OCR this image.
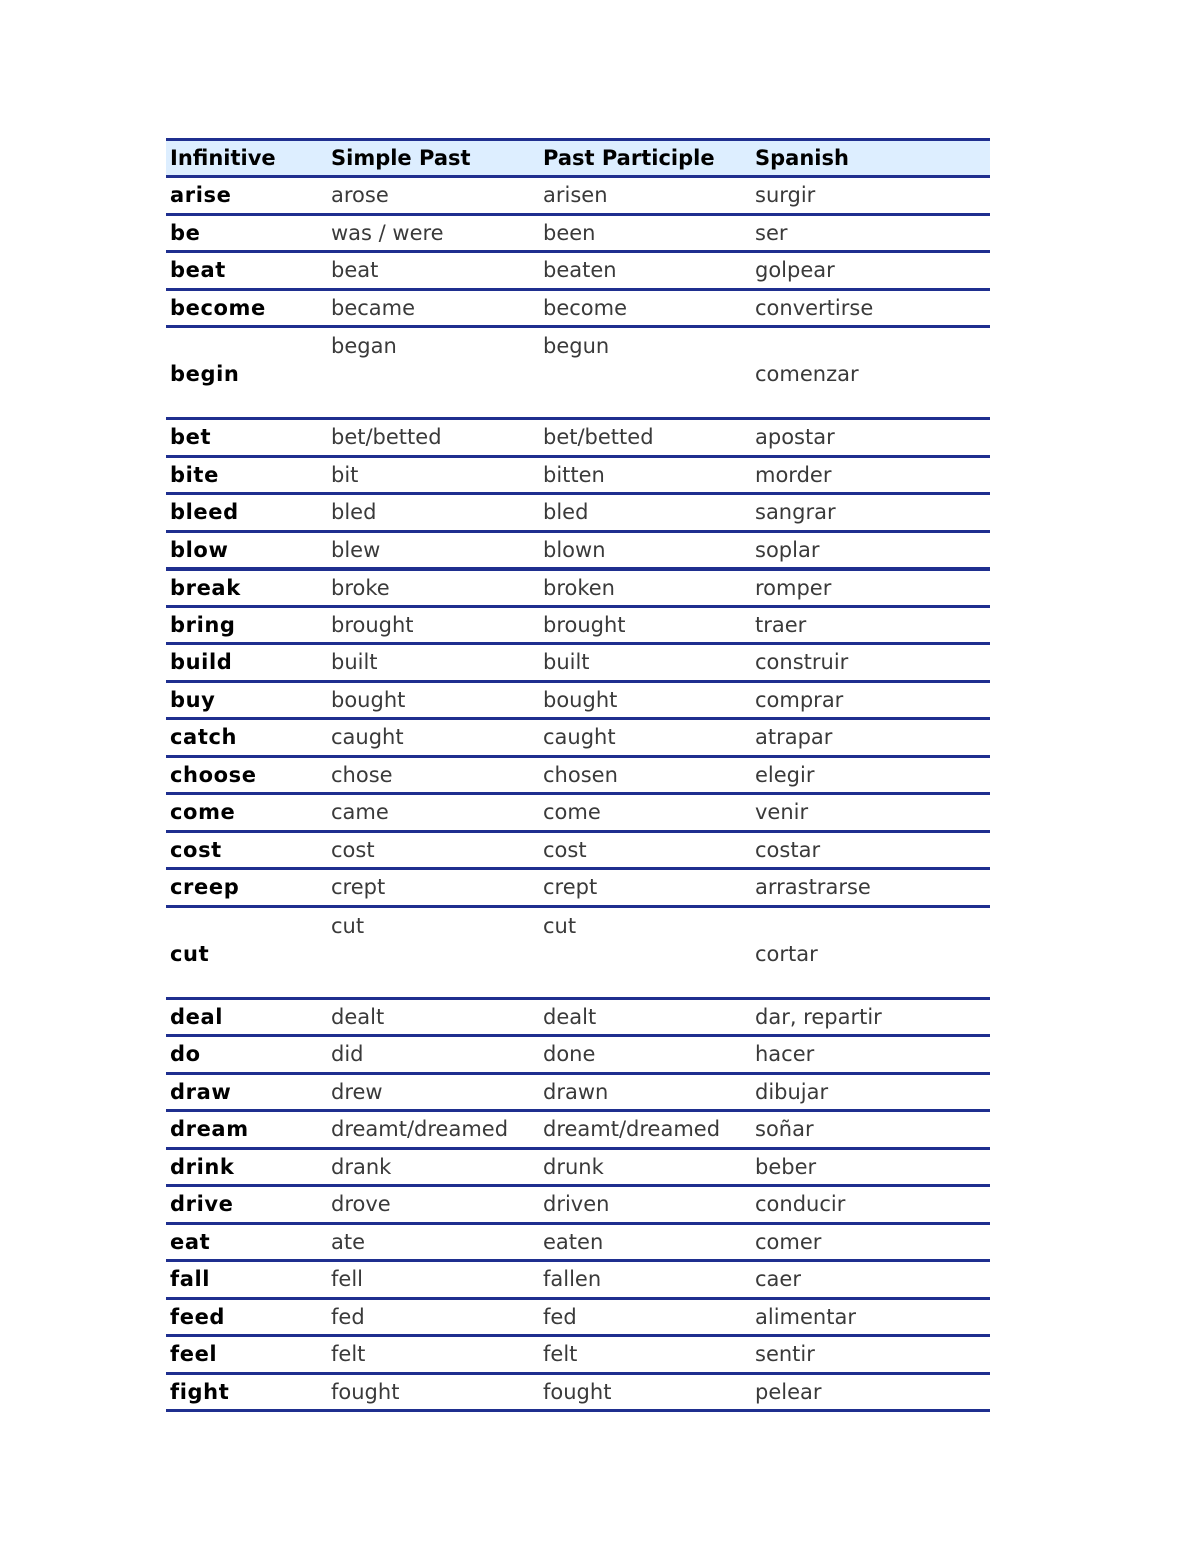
Infinitive	Simple Past	Past Participle	Spanish
arise	arose	arisen	surgir
be	was / were	been	ser
beat	beat	beaten	golpear
become	became	become	convertirse
begin	began	begun	comenzar
bet	bet/betted	bet/betted	apostar
bite	bit	bitten	morder
bleed	bled	bled	sangrar
blow	blew	blown	soplar
break	broke	broken	romper
bring	brought	brought	traer
build	built	built	construir
buy	bought	bought	comprar
catch	caught	caught	atrapar
choose	chose	chosen	elegir
come	came	come	venir
cost	cost	cost	costar
creep	crept	crept	arrastrarse
cut	cut	cut	cortar
deal	dealt	dealt	dar, repartir
do	did	done	hacer
draw	drew	drawn	dibujar
dream	dreamt/dreamed	dreamt/dreamed	soñar
drink	drank	drunk	beber
drive	drove	driven	conducir
eat	ate	eaten	comer
fall	fell	fallen	caer
feed	fed	fed	alimentar
feel	felt	felt	sentir
fight	fought	fought	pelear
